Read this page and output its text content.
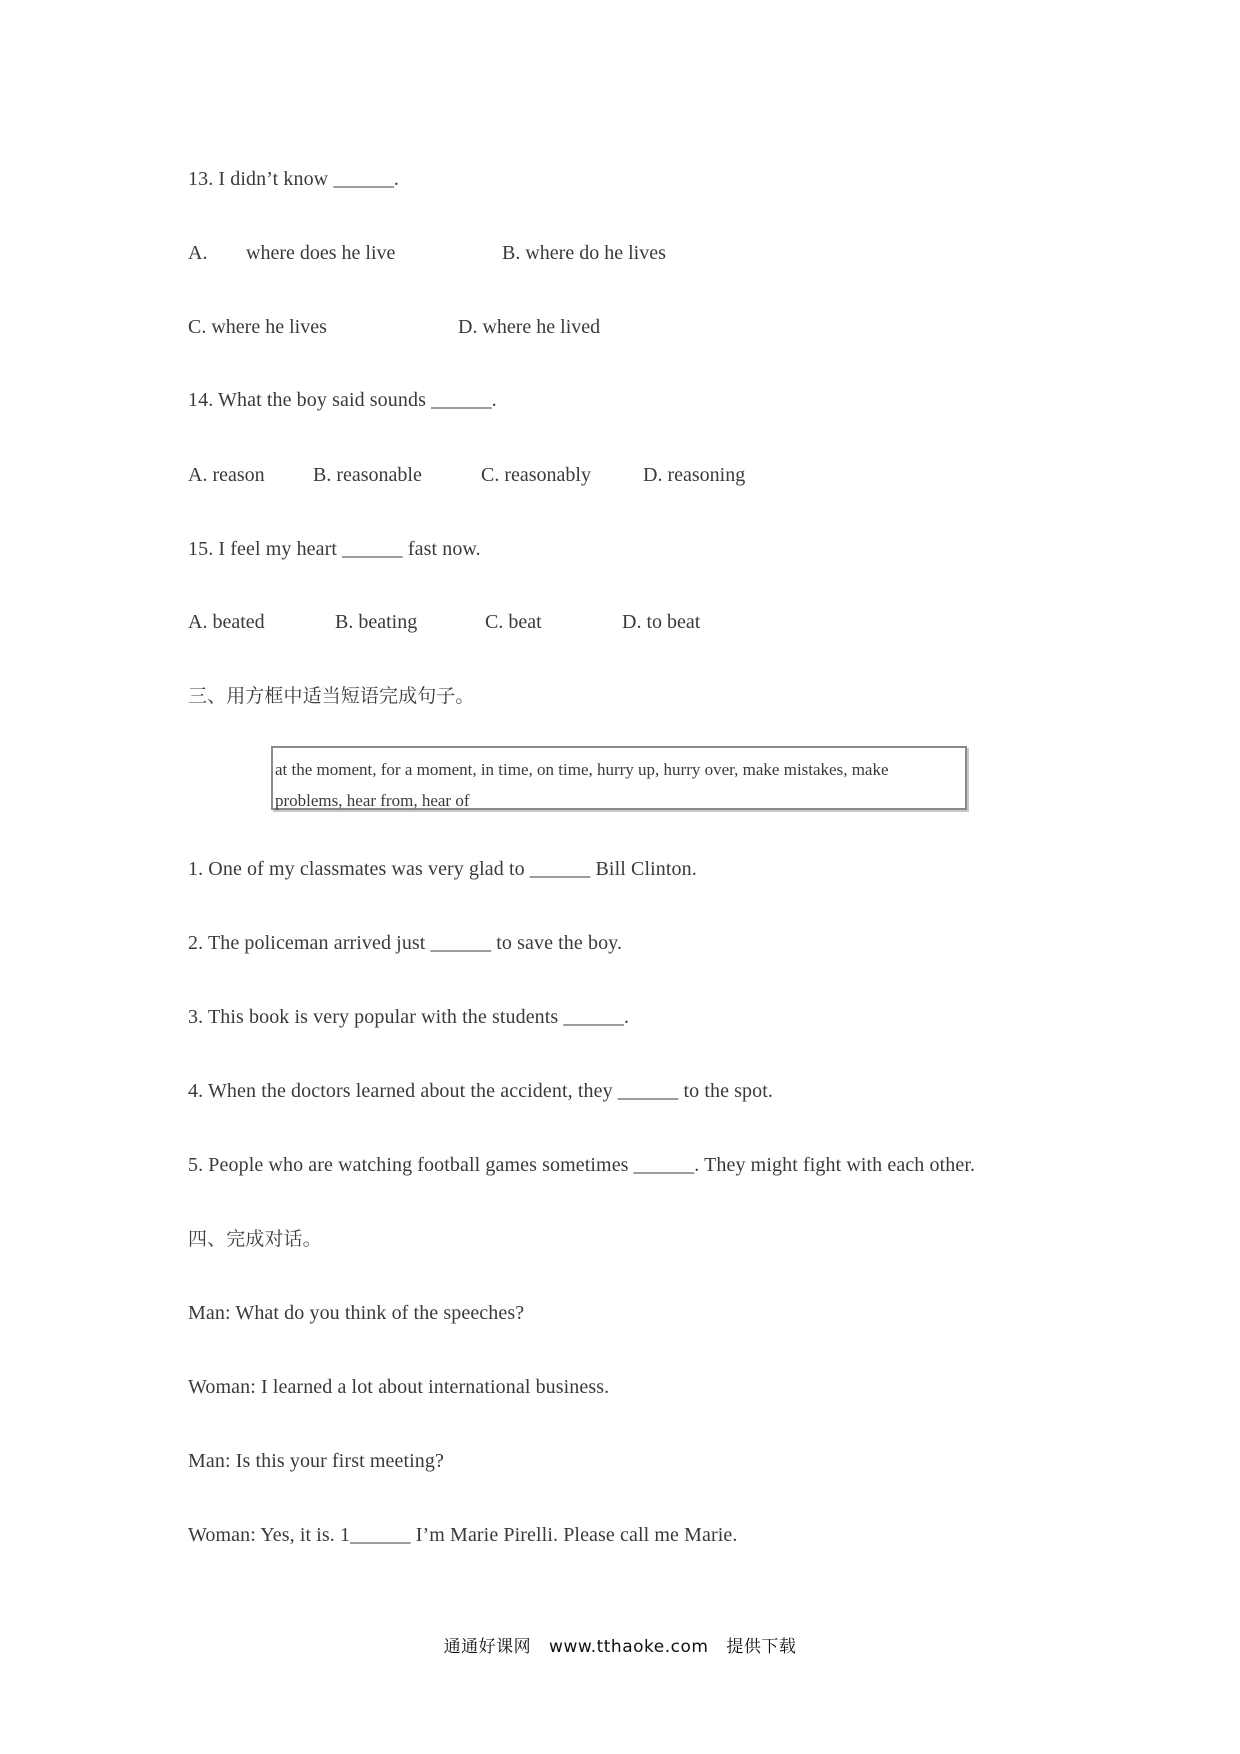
13. I didn’t know ______.
A. where does he live	B. where do he lives
C. where he lives	D. where he lived
14. What the boy said sounds ______.
A. reason B. reasonable	C. reasonably	D. reasoning
15. I feel my heart ______ fast now.
A. beated	B. beating	C. beat	D. to beat
三、用方框中适当短语完成句子。
at the moment, for a moment, in time, on time, hurry up, hurry over, make mistakes, make problems, hear from, hear of
1. One of my classmates was very glad to ______ Bill Clinton.
2. The policeman arrived just ______ to save the boy.
3. This book is very popular with the students ______.
4. When the doctors learned about the accident, they ______ to the spot.
5. People who are watching football games sometimes ______. They might fight with each other.
四、完成对话。
Man: What do you think of the speeches?
Woman: I learned a lot about international business.
Man: Is this your first meeting?
Woman: Yes, it is. 1______ I’m Marie Pirelli. Please call me Marie.
通通好课网 www.tthaoke.com 提供下载
